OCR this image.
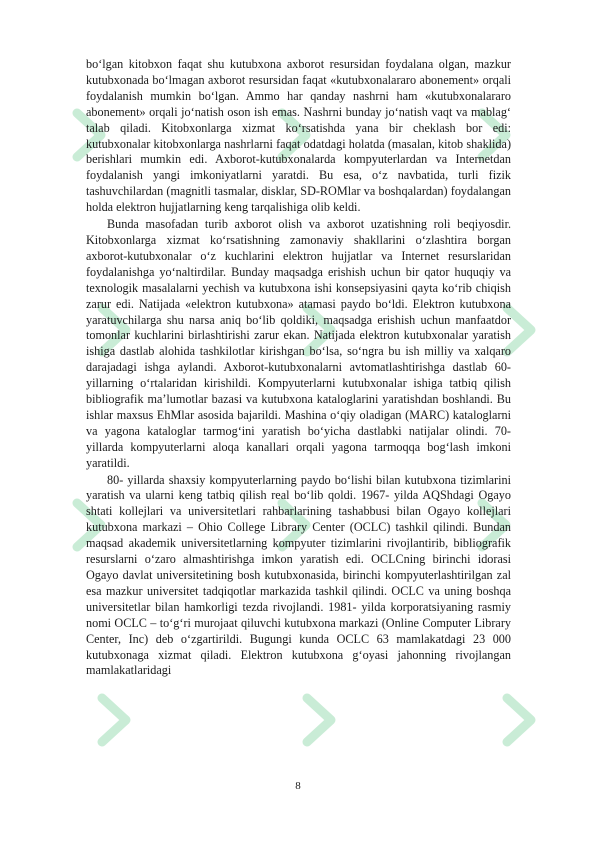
bo‘lgan kitobxon faqat shu kutubxona axborot resursidan foydalana olgan, mazkur kutubxonada bo‘lmagan axborot resursidan faqat «kutubxonalararo abonement» orqali foydalanish mumkin bo‘lgan. Ammo har qanday nashrni ham «kutubxonalararo abonement» orqali jo‘natish oson ish emas. Nashrni bunday jo‘natish vaqt va mablag‘ talab qiladi. Kitobxonlarga xizmat ko‘rsatishda yana bir cheklash bor edi: kutubxonalar kitobxonlarga nashrlarni faqat odatdagi holatda (masalan, kitob shaklida) berishlari mumkin edi. Axborot-kutubxonalarda kompyuterlardan va Internetdan foydalanish yangi imkoniyatlarni yaratdi. Bu esa, o‘z navbatida, turli fizik tashuvchilardan (magnitli tasmalar, disklar, SD-ROMlar va boshqalardan) foydalangan holda elektron hujjatlarning keng tarqalishiga olib keldi.

Bunda masofadan turib axborot olish va axborot uzatishning roli beqiyosdir. Kitobxonlarga xizmat ko‘rsatishning zamonaviy shakllarini o‘zlashtira borgan axborot-kutubxonalar o‘z kuchlarini elektron hujjatlar va Internet resurslaridan foydalanishga yo‘naltirdilar. Bunday maqsadga erishish uchun bir qator huquqiy va texnologik masalalarni yechish va kutubxona ishi konsepsiyasini qayta ko‘rib chiqish zarur edi. Natijada «elektron kutubxona» atamasi paydo bo‘ldi. Elektron kutubxona yaratuvchilarga shu narsa aniq bo‘lib qoldiki, maqsadga erishish uchun manfaatdor tomonlar kuchlarini birlashtirishi zarur ekan. Natijada elektron kutubxonalar yaratish ishiga dastlab alohida tashkilotlar kirishgan bo‘lsa, so‘ngra bu ish milliy va xalqaro darajadagi ishga aylandi. Axborot-kutubxonalarni avtomatlashtirishga dastlab 60-yillarning o‘rtalaridan kirishildi. Kompyuterlarni kutubxonalar ishiga tatbiq qilish bibliografik ma’lumotlar bazasi va kutubxona kataloglarini yaratishdan boshlandi. Bu ishlar maxsus EhMlar asosida bajarildi. Mashina o‘qiy oladigan (MARC) kataloglarni va yagona kataloglar tarmog‘ini yaratish bo‘yicha dastlabki natijalar olindi. 70- yillarda kompyuterlarni aloqa kanallari orqali yagona tarmoqqa bog‘lash imkoni yaratildi.

80- yillarda shaxsiy kompyuterlarning paydo bo‘lishi bilan kutubxona tizimlarini yaratish va ularni keng tatbiq qilish real bo‘lib qoldi. 1967- yilda AQShdagi Ogayo shtati kollejlari va universitetlari rahbarlarining tashabbusi bilan Ogayo kollejlari kutubxona markazi – Ohio College Library Center (OCLC) tashkil qilindi. Bundan maqsad akademik universitetlarning kompyuter tizimlarini rivojlantirib, bibliografik resurslarni o‘zaro almashtirishga imkon yaratish edi. OCLCning birinchi idorasi Ogayo davlat universitetining bosh kutubxonasida, birinchi kompyuterlashtirilgan zal esa mazkur universitet tadqiqotlar markazida tashkil qilindi. OCLC va uning boshqa universitetlar bilan hamkorligi tezda rivojlandi. 1981- yilda korporatsiyaning rasmiy nomi OCLC – to‘g‘ri murojaat qiluvchi kutubxona markazi (Online Computer Library Center, Inc) deb o‘zgartirildi. Bugungi kunda OCLC 63 mamlakatdagi 23 000 kutubxonaga xizmat qiladi. Elektron kutubxona g‘oyasi jahonning rivojlangan mamlakatlaridagi

8
